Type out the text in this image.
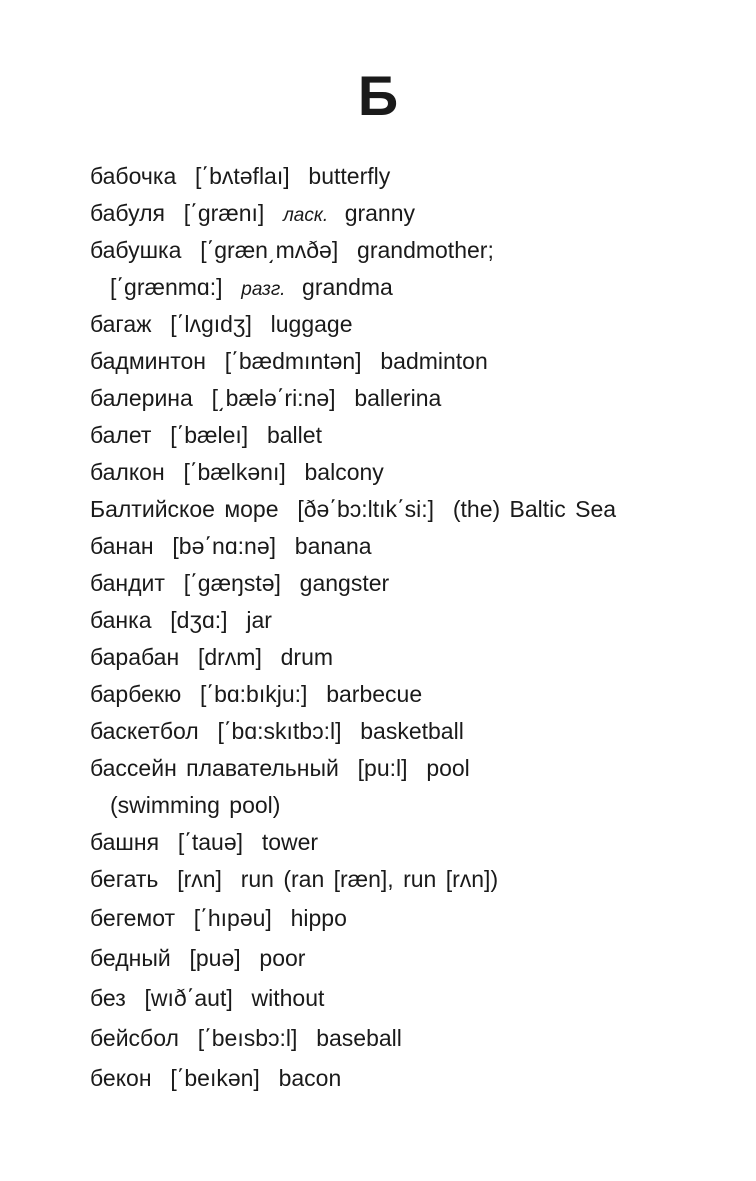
Б
бабочка [΄bʌtəflaı] butterfly
бабуля [΄grænı] ласк. granny
бабушка [΄græn͵mʌðə] grandmother;
[΄grænmɑ:] разг. grandma
багаж [΄lʌgıdʒ] luggage
бадминтон [΄bædmıntən] badminton
балерина [͵bælə΄ri:nə] ballerina
балет [΄bæleı] ballet
балкон [΄bælkənı] balcony
Балтийское море [ðə΄bɔ:ltık΄si:] (the) Baltic Sea
банан [bə΄nɑ:nə] banana
бандит [΄gæŋstə] gangster
банка [dʒɑ:] jar
барабан [drʌm] drum
барбекю [΄bɑ:bıkju:] barbecue
баскетбол [΄bɑ:skıtbɔ:l] basketball
бассейн плавательный [pu:l] pool
(swimming pool)
башня [΄tauə] tower
бегать [rʌn] run (ran [ræn], run [rʌn])
бегемот [΄hıpəu] hippo
бедный [puə] poor
без [wıð΄aut] without
бейсбол [΄beısbɔ:l] baseball
бекон [΄beıkən] bacon
